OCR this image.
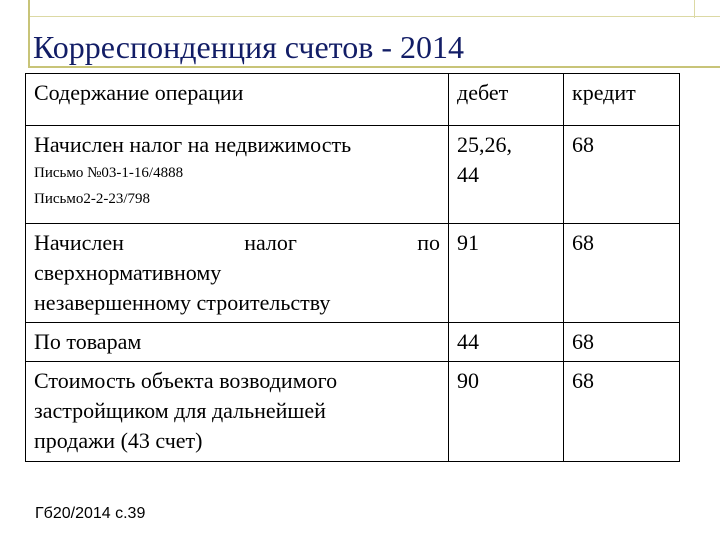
Корреспонденция счетов - 2014
Содержание операции	дебет	кредит
Начислен налог на недвижимость
Письмо №03-1-16/4888
Письмо2-2-23/798	25,26, 44	68

Начислен налог по
сверхнормативному незавершенному строительству	91	68
По товарам	44	68

Стоимость объекта возводимого застройщиком для дальнейшей продажи (43 счет)	90	68
Гб20/2014 с.39
